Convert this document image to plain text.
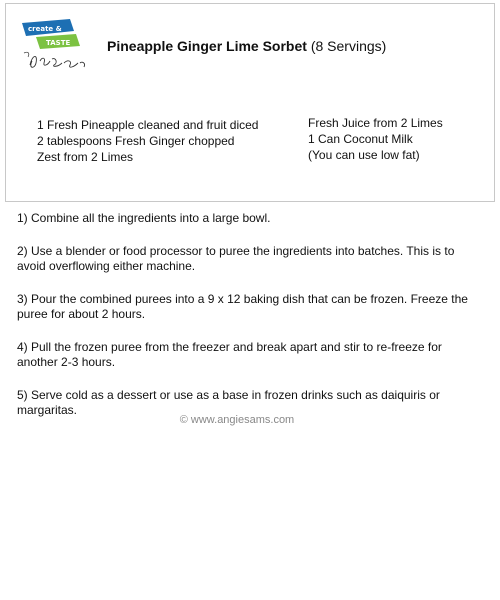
create &
TASTE	Pineapple Ginger Lime Sorbet (8 Servings)
1 Fresh Pineapple cleaned and fruit diced
2 tablespoons Fresh Ginger chopped
Zest from 2 Limes
Fresh Juice from 2 Limes
1 Can Coconut Milk
(You can use low fat)

1) Combine all the ingredients into a large bowl.

2) Use a blender or food processor to puree the ingredients into batches. This is to avoid overflowing either machine.

3) Pour the combined purees into a 9 x 12 baking dish that can be frozen. Freeze the puree for about 2 hours.

4) Pull the frozen puree from the freezer and break apart and stir to re-freeze for another 2-3 hours.

5) Serve cold as a dessert or use as a base in frozen drinks such as daiquiris or margaritas.

© www.angiesams.com
